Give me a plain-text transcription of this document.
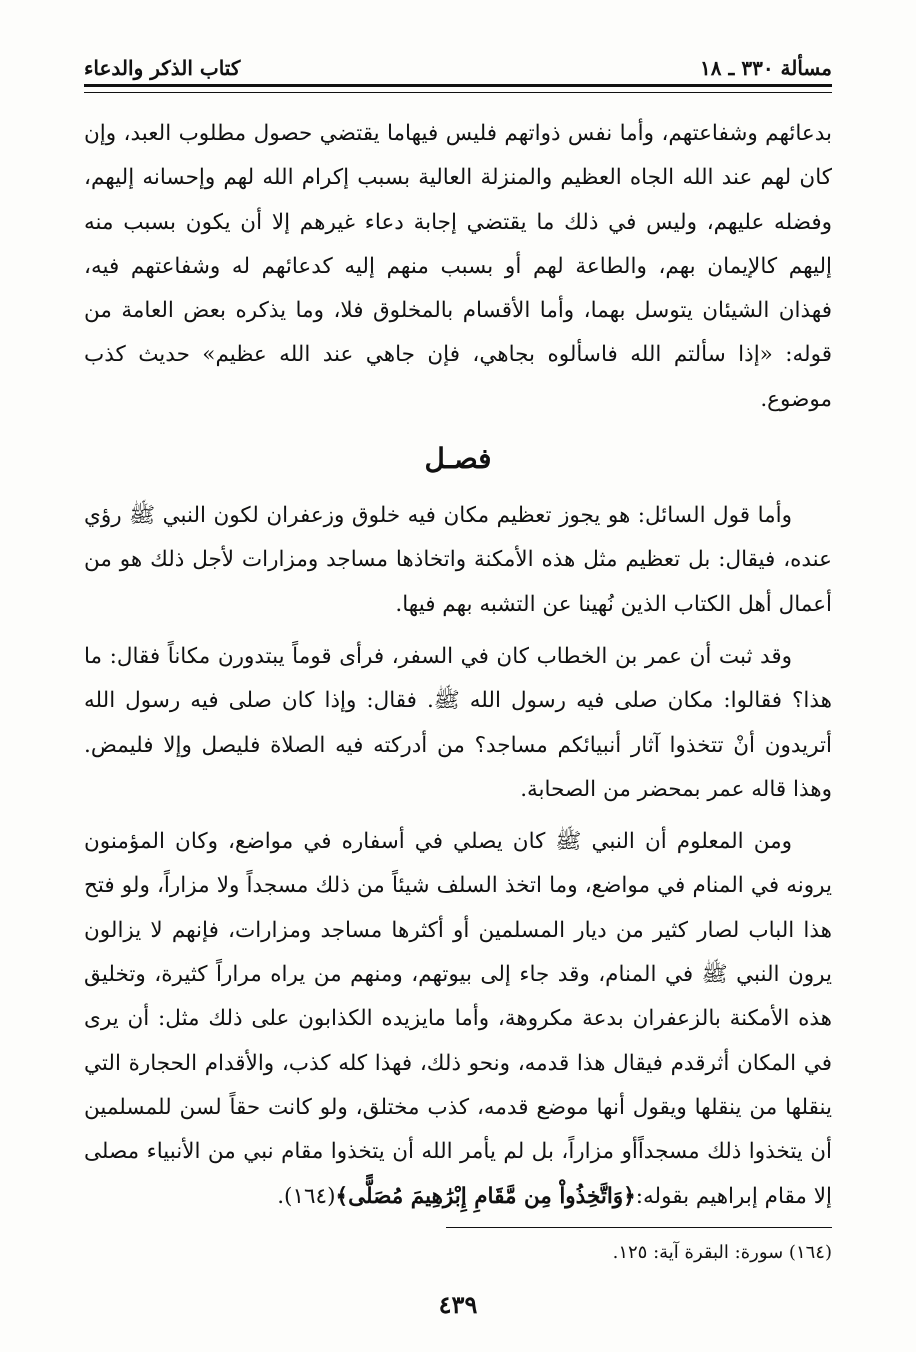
مسألة ٣٣٠ ـ ١٨
كتاب الذكر والدعاء

بدعائهم وشفاعتهم، وأما نفس ذواتهم فليس فيهاما يقتضي حصول مطلوب العبد، وإن كان لهم عند الله الجاه العظيم والمنزلة العالية بسبب إكرام الله لهم وإحسانه إليهم، وفضله عليهم، وليس في ذلك ما يقتضي إجابة دعاء غيرهم إلا أن يكون بسبب منه إليهم كالإيمان بهم، والطاعة لهم أو بسبب منهم إليه كدعائهم له وشفاعتهم فيه، فهذان الشيئان يتوسل بهما، وأما الأقسام بالمخلوق فلا، وما يذكره بعض العامة من قوله: «إذا سألتم الله فاسألوه بجاهي، فإن جاهي عند الله عظيم» حديث كذب موضوع.

فصـل

وأما قول السائل: هو يجوز تعظيم مكان فيه خلوق وزعفران لكون النبي ﷺ رؤي عنده، فيقال: بل تعظيم مثل هذه الأمكنة واتخاذها مساجد ومزارات لأجل ذلك هو من أعمال أهل الكتاب الذين نُهينا عن التشبه بهم فيها.

وقد ثبت أن عمر بن الخطاب كان في السفر، فرأى قوماً يبتدورن مكاناً فقال: ما هذا؟ فقالوا: مكان صلى فيه رسول الله ﷺ. فقال: وإذا كان صلى فيه رسول الله أتريدون أنْ تتخذوا آثار أنبيائكم مساجد؟ من أدركته فيه الصلاة فليصل وإلا فليمض. وهذا قاله عمر بمحضر من الصحابة.

ومن المعلوم أن النبي ﷺ كان يصلي في أسفاره في مواضع، وكان المؤمنون يرونه في المنام في مواضع، وما اتخذ السلف شيئاً من ذلك مسجداً ولا مزاراً، ولو فتح هذا الباب لصار كثير من ديار المسلمين أو أكثرها مساجد ومزارات، فإنهم لا يزالون يرون النبي ﷺ في المنام، وقد جاء إلى بيوتهم، ومنهم من يراه مراراً كثيرة، وتخليق هذه الأمكنة بالزعفران بدعة مكروهة، وأما مايزيده الكذابون على ذلك مثل: أن يرى في المكان أثرقدم فيقال هذا قدمه، ونحو ذلك، فهذا كله كذب، والأقدام الحجارة التي ينقلها من ينقلها ويقول أنها موضع قدمه، كذب مختلق، ولو كانت حقاً لسن للمسلمين أن يتخذوا ذلك مسجداًأو مزاراً، بل لم يأمر الله أن يتخذوا مقام نبي من الأنبياء مصلى إلا مقام إبراهيم بقوله:﴿وَاتَّخِذُواْ مِن مَّقَامِ إِبْرَٰهِيمَ مُصَلًّى﴾(١٦٤).

(١٦٤) سورة: البقرة آية: ١٢٥.
٤٣٩
